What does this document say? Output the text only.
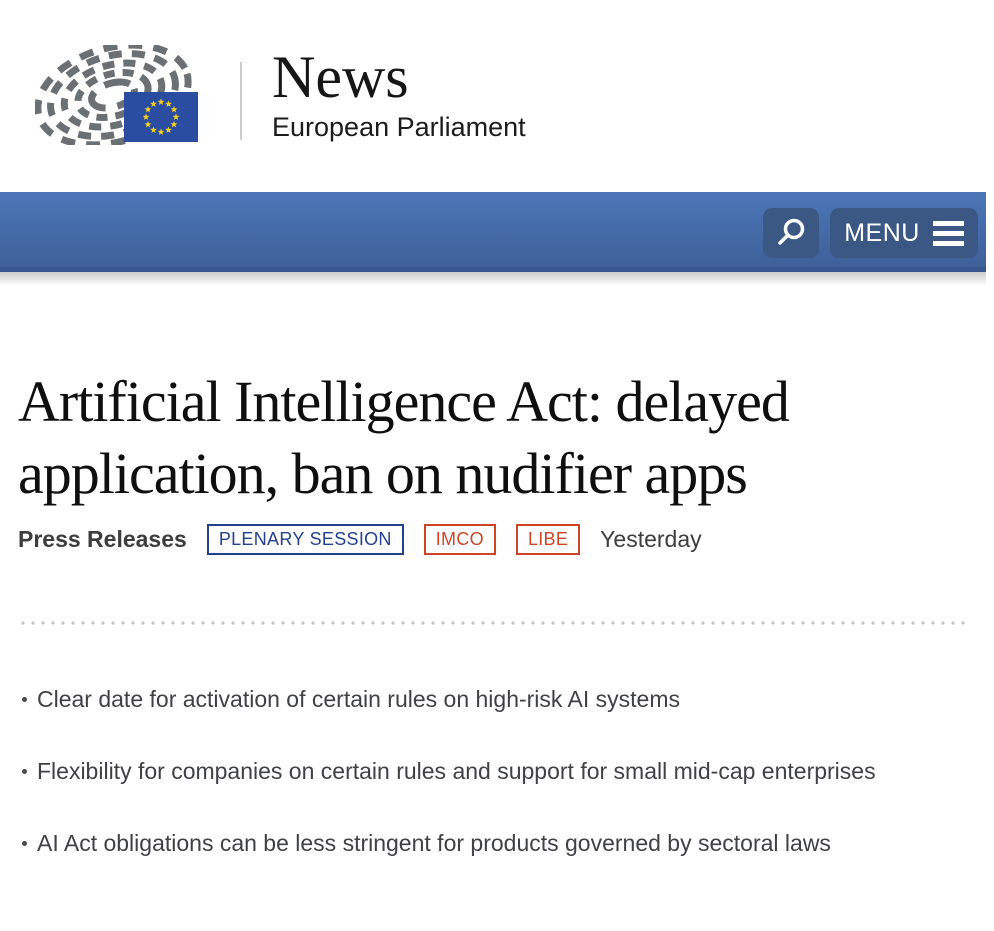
News
European Parliament
MENU
Artificial Intelligence Act: delayed
application, ban on nudifier apps
Press Releases	PLENARY SESSION	IMCO	LIBE	Yesterday
Clear date for activation of certain rules on high-risk AI systems
Flexibility for companies on certain rules and support for small mid-cap enterprises
AI Act obligations can be less stringent for products governed by sectoral laws
